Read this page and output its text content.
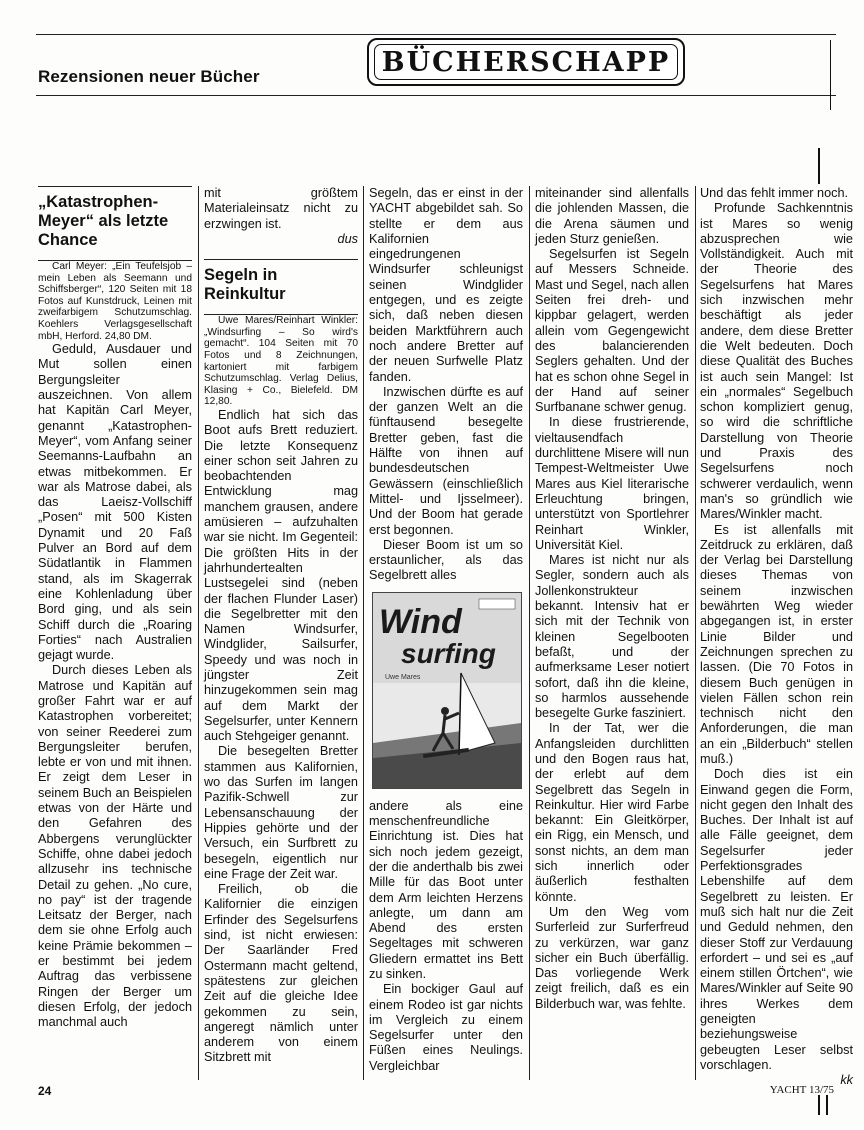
Rezensionen neuer Bücher	BÜCHERSCHAPP
„Katastrophen-Meyer“ als letzte Chance

Carl Meyer: „Ein Teufelsjob – mein Leben als Seemann und Schiffsberger“, 120 Seiten mit 18 Fotos auf Kunstdruck, Leinen mit zweifarbigem Schutzumschlag. Koehlers Verlagsgesellschaft mbH, Herford. 24,80 DM.

Geduld, Ausdauer und Mut sollen einen Bergungsleiter auszeichnen. Von allem hat Kapitän Carl Meyer, genannt „Katastrophen-Meyer“, vom Anfang seiner Seemanns-Laufbahn an etwas mitbekommen. Er war als Matrose dabei, als das Laeisz-Vollschiff „Posen“ mit 500 Kisten Dynamit und 20 Faß Pulver an Bord auf dem Südatlantik in Flammen stand, als im Skagerrak eine Kohlenladung über Bord ging, und als sein Schiff durch die „Roaring Forties“ nach Australien gejagt wurde.

Durch dieses Leben als Matrose und Kapitän auf großer Fahrt war er auf Katastrophen vorbereitet; von seiner Reederei zum Bergungsleiter berufen, lebte er von und mit ihnen. Er zeigt dem Leser in seinem Buch an Beispielen etwas von der Härte und den Gefahren des Abbergens verunglückter Schiffe, ohne dabei jedoch allzusehr ins technische Detail zu gehen. „No cure, no pay“ ist der tragende Leitsatz der Berger, nach dem sie ohne Erfolg auch keine Prämie bekommen – er bestimmt bei jedem Auftrag das verbissene Ringen der Berger um diesen Erfolg, der jedoch manchmal auch

mit größtem Materialeinsatz nicht zu erzwingen ist.

dus

Segeln in Reinkultur

Uwe Mares/Reinhart Winkler: „Windsurfing – So wird's gemacht“. 104 Seiten mit 70 Fotos und 8 Zeichnungen, kartoniert mit farbigem Schutzumschlag. Verlag Delius, Klasing + Co., Bielefeld. DM 12,80.

Endlich hat sich das Boot aufs Brett reduziert. Die letzte Konsequenz einer schon seit Jahren zu beobachtenden Entwicklung mag manchem grausen, andere amüsieren – aufzuhalten war sie nicht. Im Gegenteil: Die größten Hits in der jahrhundertealten Lustsegelei sind (neben der flachen Flunder Laser) die Segelbretter mit den Namen Windsurfer, Windglider, Sailsurfer, Speedy und was noch in jüngster Zeit hinzugekommen sein mag auf dem Markt der Segelsurfer, unter Kennern auch Stehgeiger genannt.

Die besegelten Bretter stammen aus Kalifornien, wo das Surfen im langen Pazifik-Schwell zur Lebensanschauung der Hippies gehörte und der Versuch, ein Surfbrett zu besegeln, eigentlich nur eine Frage der Zeit war.

Freilich, ob die Kalifornier die einzigen Erfinder des Segelsurfens sind, ist nicht erwiesen: Der Saarländer Fred Ostermann macht geltend, spätestens zur gleichen Zeit auf die gleiche Idee gekommen zu sein, angeregt nämlich unter anderem von einem Sitzbrett mit

Segeln, das er einst in der YACHT abgebildet sah. So stellte er dem aus Kalifornien eingedrungenen Windsurfer schleunigst seinen Windglider entgegen, und es zeigte sich, daß neben diesen beiden Marktführern auch noch andere Bretter auf der neuen Surfwelle Platz fanden.

Inzwischen dürfte es auf der ganzen Welt an die fünftausend besegelte Bretter geben, fast die Hälfte von ihnen auf bundesdeutschen Gewässern (einschließlich Mittel- und Ijsselmeer). Und der Boom hat gerade erst begonnen.

Dieser Boom ist um so erstaunlicher, als das Segelbrett alles

Wind
surfing
Uwe Mares

andere als eine menschenfreundliche Einrichtung ist. Dies hat sich noch jedem gezeigt, der die anderthalb bis zwei Mille für das Boot unter dem Arm leichten Herzens anlegte, um dann am Abend des ersten Segeltages mit schweren Gliedern ermattet ins Bett zu sinken.

Ein bockiger Gaul auf einem Rodeo ist gar nichts im Vergleich zu einem Segelsurfer unter den Füßen eines Neulings. Vergleichbar

miteinander sind allenfalls die johlenden Massen, die die Arena säumen und jeden Sturz genießen.

Segelsurfen ist Segeln auf Messers Schneide. Mast und Segel, nach allen Seiten frei dreh- und kippbar gelagert, werden allein vom Gegengewicht des balancierenden Seglers gehalten. Und der hat es schon ohne Segel in der Hand auf seiner Surfbanane schwer genug.

In diese frustrierende, vieltausendfach durchlittene Misere will nun Tempest-Weltmeister Uwe Mares aus Kiel literarische Erleuchtung bringen, unterstützt von Sportlehrer Reinhart Winkler, Universität Kiel.

Mares ist nicht nur als Segler, sondern auch als Jollenkonstrukteur bekannt. Intensiv hat er sich mit der Technik von kleinen Segelbooten befaßt, und der aufmerksame Leser notiert sofort, daß ihn die kleine, so harmlos aussehende besegelte Gurke fasziniert.

In der Tat, wer die Anfangsleiden durchlitten und den Bogen raus hat, der erlebt auf dem Segelbrett das Segeln in Reinkultur. Hier wird Farbe bekannt: Ein Gleitkörper, ein Rigg, ein Mensch, und sonst nichts, an dem man sich innerlich oder äußerlich festhalten könnte.

Um den Weg vom Surferleid zur Surferfreud zu verkürzen, war ganz sicher ein Buch überfällig. Das vorliegende Werk zeigt freilich, daß es ein Bilderbuch war, was fehlte.

Und das fehlt immer noch.

Profunde Sachkenntnis ist Mares so wenig abzusprechen wie Vollständigkeit. Auch mit der Theorie des Segelsurfens hat Mares sich inzwischen mehr beschäftigt als jeder andere, dem diese Bretter die Welt bedeuten. Doch diese Qualität des Buches ist auch sein Mangel: Ist ein „normales“ Segelbuch schon kompliziert genug, so wird die schriftliche Darstellung von Theorie und Praxis des Segelsurfens noch schwerer verdaulich, wenn man's so gründlich wie Mares/Winkler macht.

Es ist allenfalls mit Zeitdruck zu erklären, daß der Verlag bei Darstellung dieses Themas von seinem inzwischen bewährten Weg wieder abgegangen ist, in erster Linie Bilder und Zeichnungen sprechen zu lassen. (Die 70 Fotos in diesem Buch genügen in vielen Fällen schon rein technisch nicht den Anforderungen, die man an ein „Bilderbuch“ stellen muß.)

Doch dies ist ein Einwand gegen die Form, nicht gegen den Inhalt des Buches. Der Inhalt ist auf alle Fälle geeignet, dem Segelsurfer jeder Perfektionsgrades Lebenshilfe auf dem Segelbrett zu leisten. Er muß sich halt nur die Zeit und Geduld nehmen, den dieser Stoff zur Verdauung erfordert – und sei es „auf einem stillen Örtchen“, wie Mares/Winkler auf Seite 90 ihres Werkes dem geneigten beziehungsweise gebeugten Leser selbst vorschlagen.

kk

24	YACHT 13/75
